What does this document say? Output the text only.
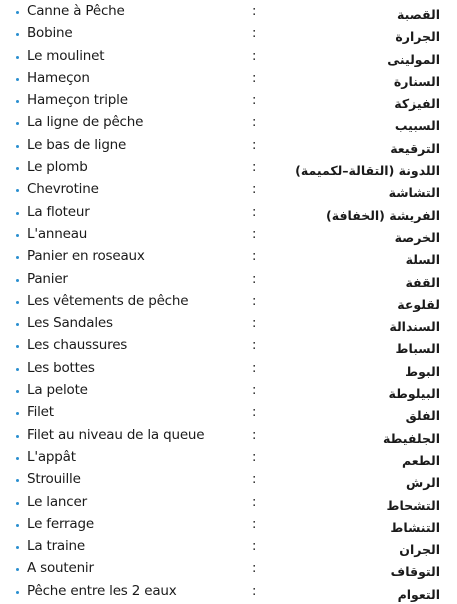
Canne à Pêche	:	القصبة
Bobine	:	الجرارة
Le moulinet	:	المولينى
Hameçon	:	السنارة
Hameçon triple	:	الفيزكة
La ligne de pêche	:	السبيب
Le bas de ligne	:	الترقيعة
Le plomb	:	اللدونة (التقالة–لكميمة)
Chevrotine	:	التشاشة
La floteur	:	الفريشة (الخفافة)
L'anneau	:	الخرصة
Panier en roseaux	:	السلة
Panier	:	القفة
Les vêtements de pêche	:	لقلوعة
Les Sandales	:	السندالة
Les chaussures	:	السباط
Les bottes	:	البوط
La pelote	:	البيلوطة
Filet	:	الفلق
Filet au niveau de la queue	:	الجلفيطة
L'appât	:	الطعم
Strouille	:	الرش
Le lancer	:	التشحاط
Le ferrage	:	التنشاط
La traine	:	الجران
A soutenir	:	التوقاف
Pêche entre les 2 eaux	:	التعوام
